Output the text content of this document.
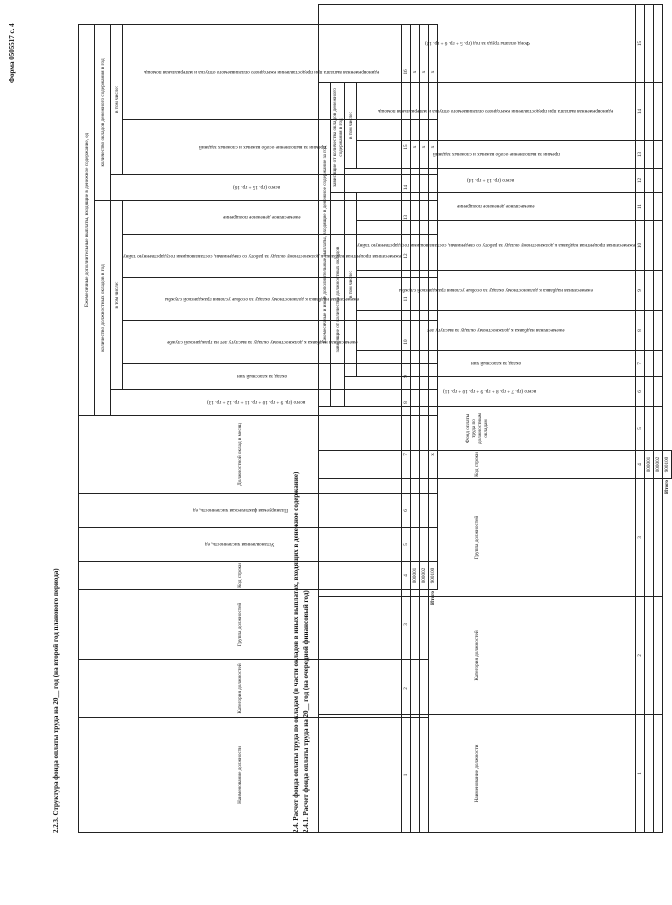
Форма 0505517 с. 4
2.2.3. Структура фонда оплаты труда на 20__ год (на второй год планового периода)	Наименование должности	Категория должностей	Группа должностей	Код строки	Установленная численность, ед	Планируемая фактическая численность, ед	Должностной оклад в месяц	Ежемесячные дополнительные выплаты, входящие в денежное содержание, ед								
							количество должностных окладов в год						количество окладов денежного содержания в год		

							всего (гр. 9 + гр. 10 + гр. 11 + гр. 12 + гр. 13)	в том числе:					всего (гр. 15 + гр. 16)	в том числе:	

								оклад за классный чин	ежемесячная надбавка к должностному окладу за выслугу лет на гражданской службе	ежемесячная надбавка к должностному окладу за особые условия гражданской службы	ежемесячная процентная надбавка к должностному окладу за работу со сведениями, составляющими государственную тайну	ежемесячное денежное поощрение		премии за выполнение особо важных и сложных заданий	единовременная выплата при предоставлении ежегодного оплачиваемого отпуска и материальная помощь

1	2	3	4	5	6	7	8	9	10	11	12	13	14	15	16
			000001											x	x
			000002											x	x
Итого			900100			x								x	x
2.4. Расчет фонда оплаты труда по окладам (в части окладов в иных выплатах, входящих в денежное содержание) 2.4.1. Расчет фонда оплаты труда на 20__ год (на очередной финансовый год)	Наименование должности	Категория должностей	Группа должностей	Код строки	Фонд оплаты труда по должностным окладам	Ежемесячные и иные дополнительные выплаты, входящие в денежное содержание за год									Фонд оплаты труда за год (гр. 5 + гр. 6 + гр. 12)

					зависящие от количества должностных окладов						зависящие от количества окладов денежного содержания в год			

					всего (гр. 7 + гр. 8 + гр. 9 + гр. 10 + гр. 11)	в том числе:					всего (гр. 13 + гр. 14)	в том числе:		

						оклад за классный чин	ежемесячная надбавка к должностному окладу за выслугу лет	ежемесячная надбавка к должностному окладу за особые условия гражданской службы	ежемесячная процентная надбавка к должностному окладу за работу со сведениями, составляющими государственную тайну	ежемесячное денежное поощрение		премии за выполнение особо важных и сложных заданий	единовременная выплата при предоставлении ежегодного оплачиваемого отпуска и материальная помощь	

1	2	3	4	5	6	7	8	9	10	11	12	13	14	15
			000001											
			000002											
Итого			900100											
